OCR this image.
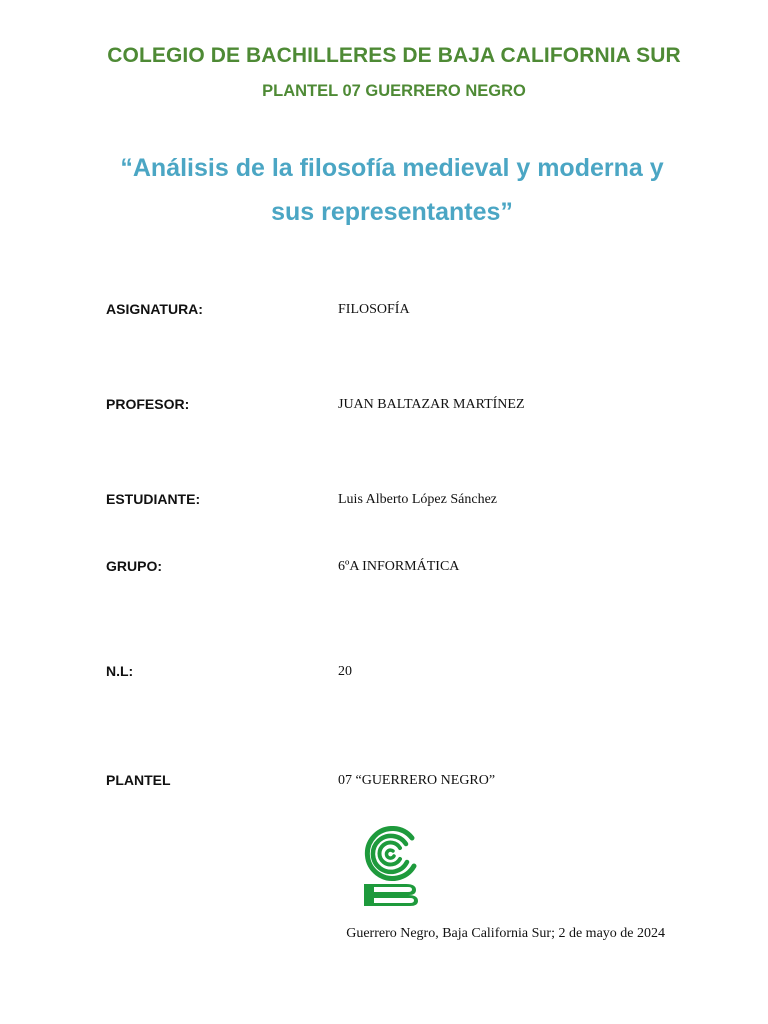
COLEGIO DE BACHILLERES DE BAJA CALIFORNIA SUR
PLANTEL 07 GUERRERO NEGRO
“Análisis de la filosofía medieval y moderna y
sus representantes”
ASIGNATURA:	FILOSOFÍA
PROFESOR:	JUAN BALTAZAR MARTÍNEZ
ESTUDIANTE:	Luis Alberto López Sánchez
GRUPO:	6ºA INFORMÁTICA
N.L:	20
PLANTEL	07 “GUERRERO NEGRO”
Guerrero Negro, Baja California Sur; 2 de mayo de 2024
